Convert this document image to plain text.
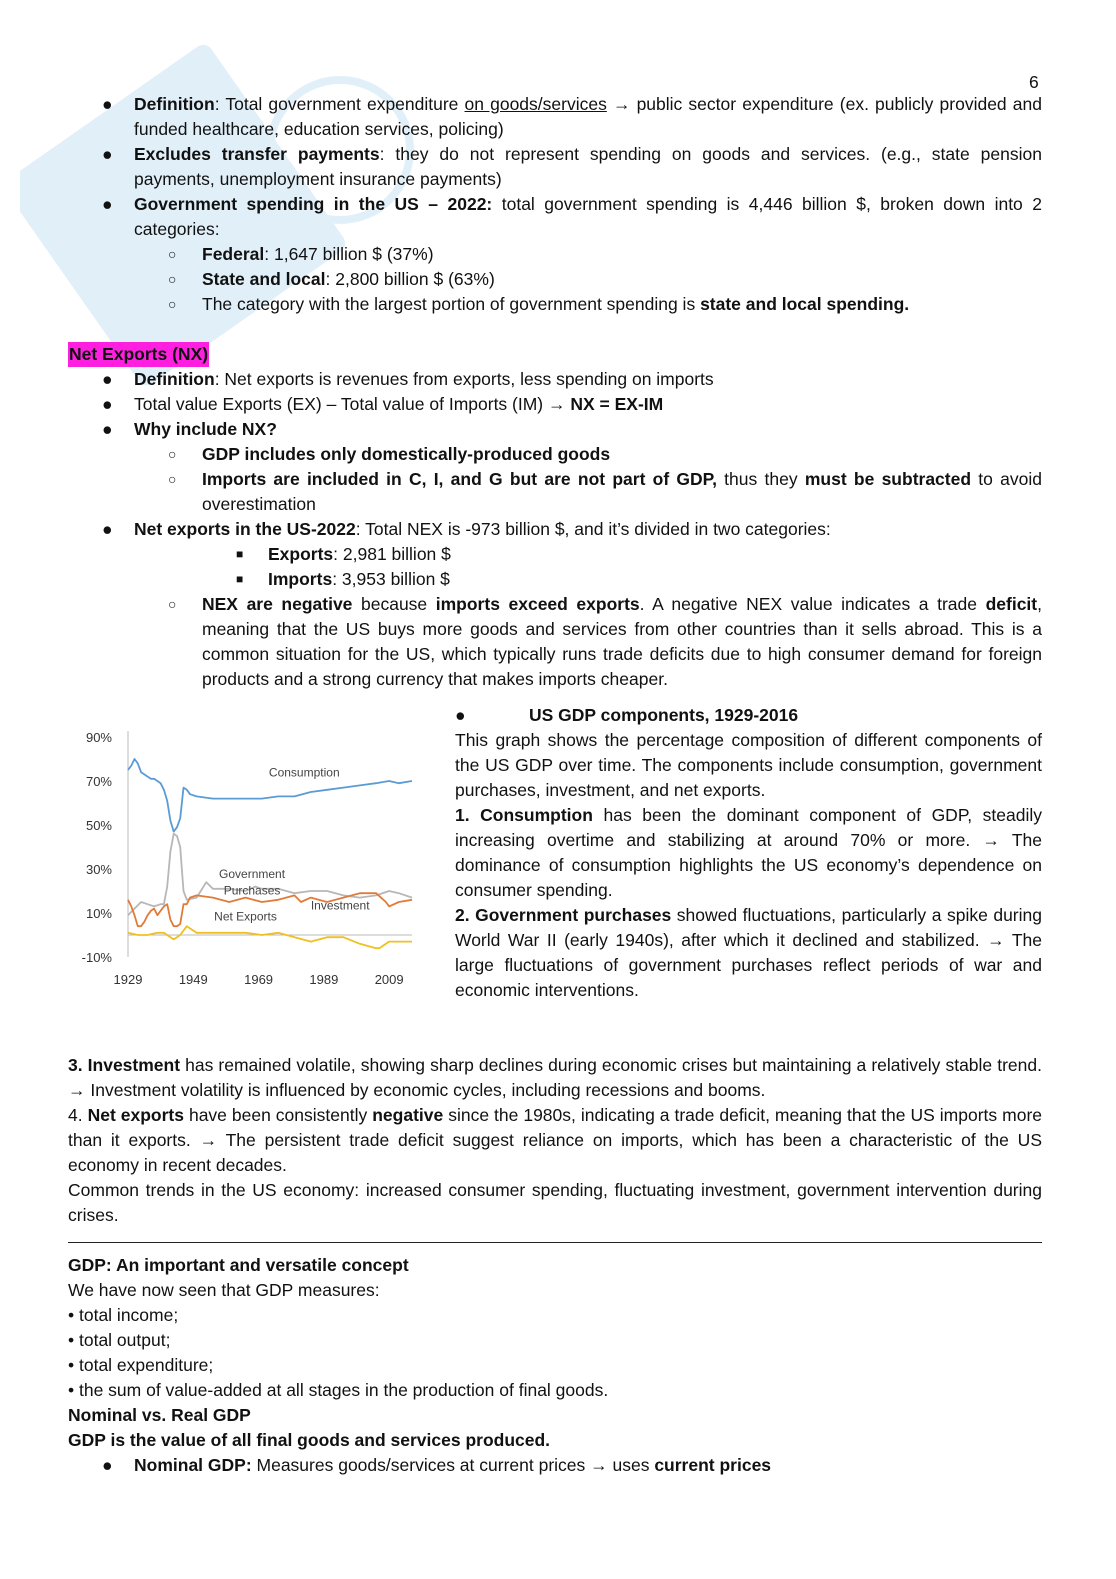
6
● Definition: Total government expenditure on goods/services → public sector expenditure (ex. publicly provided and funded healthcare, education services, policing)
● Excludes transfer payments: they do not represent spending on goods and services. (e.g., state pension payments, unemployment insurance payments)
● Government spending in the US – 2022: total government spending is 4,446 billion $, broken down into 2 categories:
○ Federal: 1,647 billion $ (37%)
○ State and local: 2,800 billion $ (63%)
○ The category with the largest portion of government spending is state and local spending.
Net Exports (NX)
● Definition: Net exports is revenues from exports, less spending on imports
● Total value Exports (EX) – Total value of Imports (IM) → NX = EX-IM
● Why include NX?
○ GDP includes only domestically-produced goods
○ Imports are included in C, I, and G but are not part of GDP, thus they must be subtracted to avoid overestimation
● Net exports in the US-2022: Total NEX is -973 billion $, and it’s divided in two categories:
■ Exports: 2,981 billion $
■ Imports: 3,953 billion $
○ NEX are negative because imports exceed exports. A negative NEX value indicates a trade deficit, meaning that the US buys more goods and services from other countries than it sells abroad. This is a common situation for the US, which typically runs trade deficits due to high consumer demand for foreign products and a strong currency that makes imports cheaper.
90%
70%
50%
30%
10%
-10%
1929	1949	1969	1989	2009
Consumption
Government
Purchases
Investment
Net Exports
●	US GDP components, 1929-2016
This graph shows the percentage composition of different components of the US GDP over time. The components include consumption, government purchases, investment, and net exports.
1. Consumption has been the dominant component of GDP, steadily increasing overtime and stabilizing at around 70% or more. → The dominance of consumption highlights the US economy’s dependence on consumer spending.
2. Government purchases showed fluctuations, particularly a spike during World War II (early 1940s), after which it declined and stabilized. → The large fluctuations of government purchases reflect periods of war and economic interventions.
3. Investment has remained volatile, showing sharp declines during economic crises but maintaining a relatively stable trend. → Investment volatility is influenced by economic cycles, including recessions and booms.
4. Net exports have been consistently negative since the 1980s, indicating a trade deficit, meaning that the US imports more than it exports. → The persistent trade deficit suggest reliance on imports, which has been a characteristic of the US economy in recent decades.
Common trends in the US economy: increased consumer spending, fluctuating investment, government intervention during crises.
GDP: An important and versatile concept
We have now seen that GDP measures:
• total income;
• total output;
• total expenditure;
• the sum of value-added at all stages in the production of final goods.
Nominal vs. Real GDP
GDP is the value of all final goods and services produced.
● Nominal GDP: Measures goods/services at current prices → uses current prices
